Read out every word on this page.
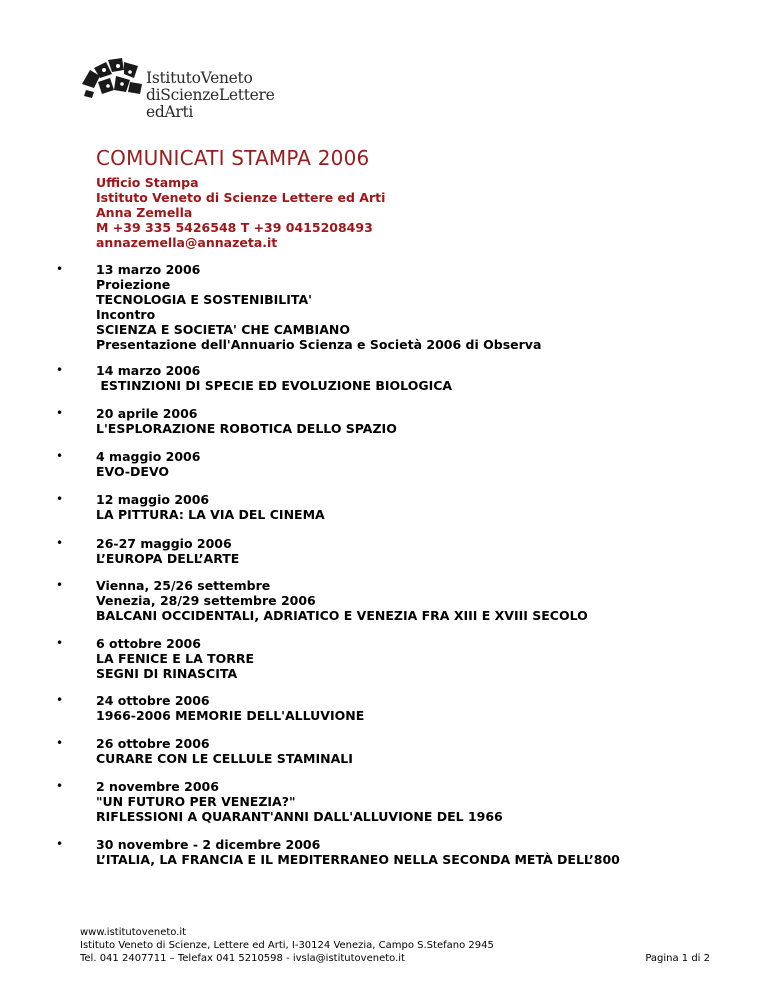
IstitutoVeneto
diScienzeLettere
edArti
COMUNICATI STAMPA 2006
Ufficio Stampa
Istituto Veneto di Scienze Lettere ed Arti
Anna Zemella
M +39 335 5426548 T +39 0415208493
annazemella@annazeta.it
•	13 marzo 2006
Proiezione
TECNOLOGIA E SOSTENIBILITA'
Incontro
SCIENZA E SOCIETA' CHE CAMBIANO
Presentazione dell'Annuario Scienza e Società 2006 di Observa
•	14 marzo 2006
ESTINZIONI DI SPECIE ED EVOLUZIONE BIOLOGICA
•	20 aprile 2006
L'ESPLORAZIONE ROBOTICA DELLO SPAZIO
•	4 maggio 2006
EVO-DEVO
•	12 maggio 2006
LA PITTURA: LA VIA DEL CINEMA
•	26-27 maggio 2006
L’EUROPA DELL’ARTE
•	Vienna, 25/26 settembre
Venezia, 28/29 settembre 2006
BALCANI OCCIDENTALI, ADRIATICO E VENEZIA FRA XIII E XVIII SECOLO
•	6 ottobre 2006
LA FENICE E LA TORRE
SEGNI DI RINASCITA
•	24 ottobre 2006
1966-2006 MEMORIE DELL'ALLUVIONE
•	26 ottobre 2006
CURARE CON LE CELLULE STAMINALI
•	2 novembre 2006
"UN FUTURO PER VENEZIA?"
RIFLESSIONI A QUARANT'ANNI DALL'ALLUVIONE DEL 1966
•	30 novembre - 2 dicembre 2006
L’ITALIA, LA FRANCIA E IL MEDITERRANEO NELLA SECONDA METÀ DELL’800
www.istitutoveneto.it
Istituto Veneto di Scienze, Lettere ed Arti, I-30124 Venezia, Campo S.Stefano 2945
Tel. 041 2407711 – Telefax 041 5210598 - ivsla@istitutoveneto.it	Pagina 1 di 2
